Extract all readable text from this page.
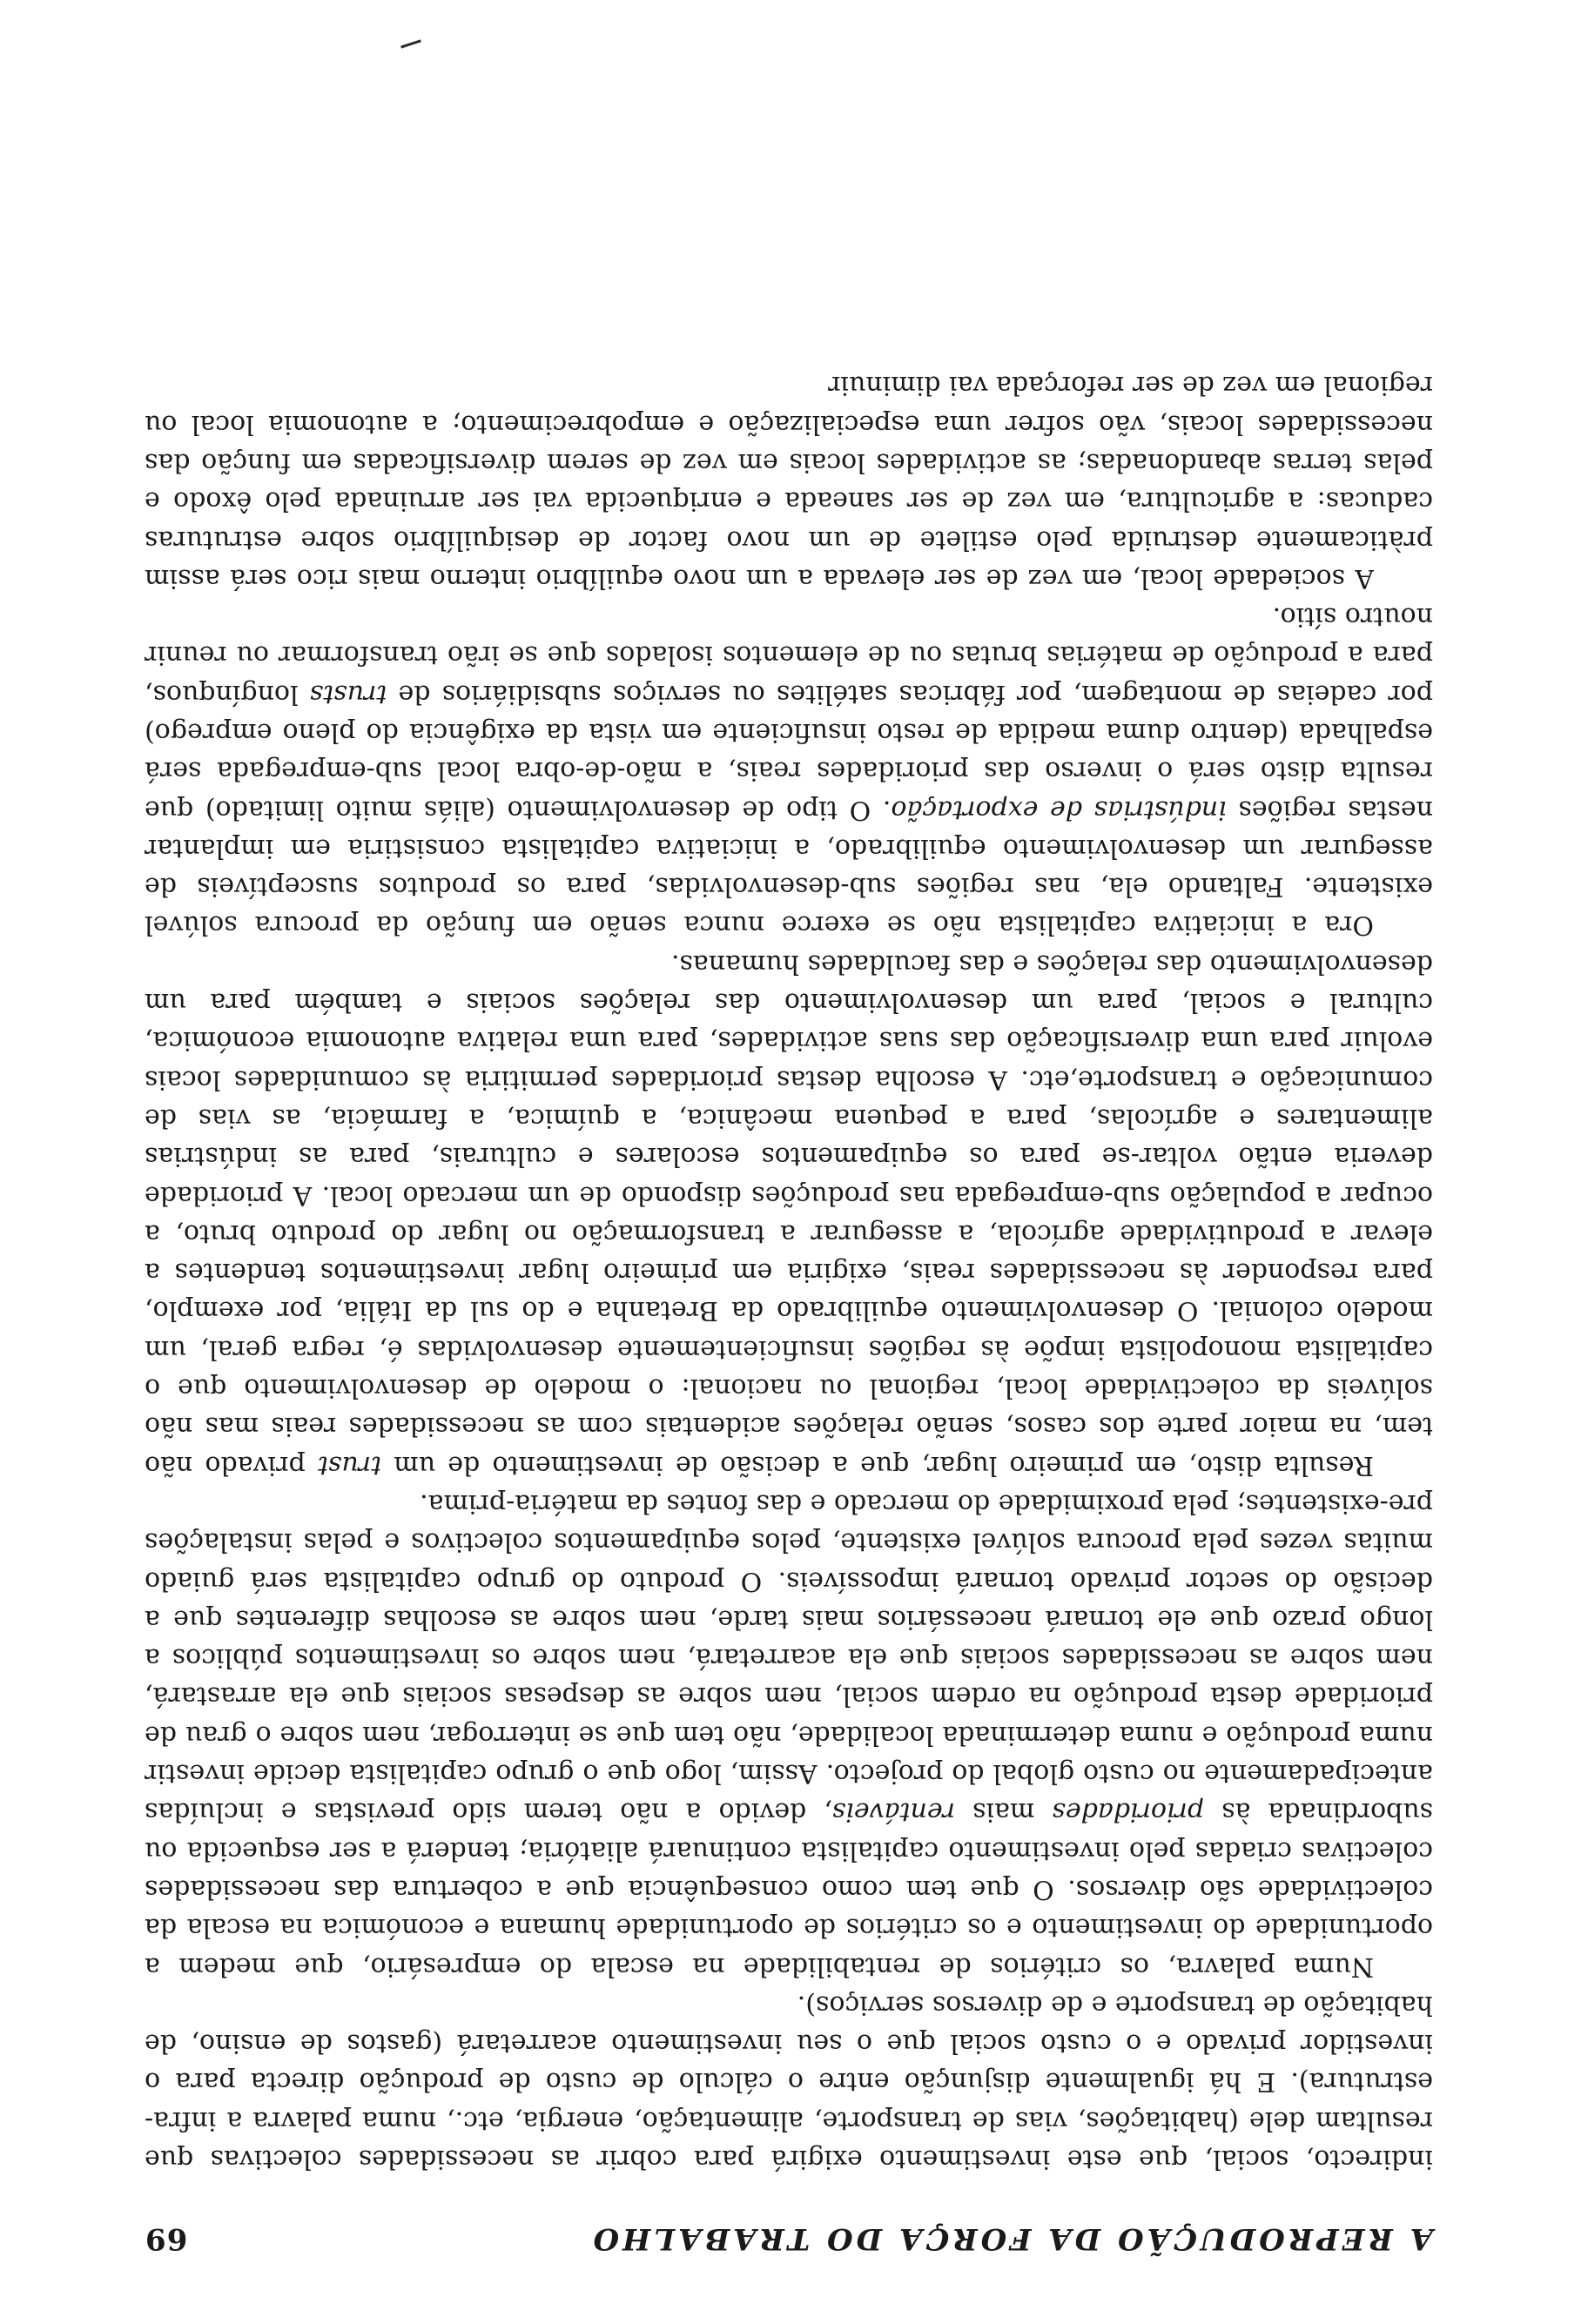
A REPRODUÇÃO DA FORÇA DO TRABALHO
69

indirecto, social, que este investimento exigirá para cobrir as necessidades colectivas que resultam dele (habitações, vias de transporte, alimentação, energia, etc., numa palavra a infra-estrutura). E há igualmente disjunção entre o cálculo de custo de produção directa para o investidor privado e o custo social que o seu investimento acarretará (gastos de ensino, de habitação de transporte e de diversos serviços).

Numa palavra, os critérios de rentabilidade na escala do empresário, que medem a oportunidade do investimento e os critérios de oportunidade humana e económica na escala da colectividade são diversos. O que tem como consequência que a cobertura das necessidades colectivas criadas pelo investimento capitalista continuará aliatória; tenderá a ser esquecida ou subordinada às prioridades mais rentáveis, devido a não terem sido previstas e incluídas antecipadamente no custo global do projecto. Assim, logo que o grupo capitalista decide investir numa produção e numa determinada localidade, não tem que se interrogar, nem sobre o grau de prioridade desta produção na ordem social, nem sobre as despesas sociais que ela arrastará, nem sobre as necessidades sociais que ela acarretará, nem sobre os investimentos públicos a longo prazo que ele tornará necessários mais tarde, nem sobre as escolhas diferentes que a decisão do sector privado tornará impossíveis. O produto do grupo capitalista será guiado muitas vezes pela procura solúvel existente, pelos equipamentos colectivos e pelas instalações pre-existentes; pela proximidade do mercado e das fontes da matéria-prima.

Resulta disto, em primeiro lugar, que a decisão de investimento de um trust privado não tem, na maior parte dos casos, senão relações acidentais com as necessidades reais mas não solúveis da colectividade local, regional ou nacional: o modelo de desenvolvimento que o capitalista monopolista impõe às regiões insuficientemente desenvolvidas é, regra geral, um modelo colonial. O desenvolvimento equilibrado da Bretanha e do sul da Itália, por exemplo, para responder às necessidades reais, exigiria em primeiro lugar investimentos tendentes a elevar a produtividade agrícola, a assegurar a transformação no lugar do produto bruto, a ocupar a população sub-empregada nas produções dispondo de um mercado local. A prioridade deveria então voltar-se para os equipamentos escolares e culturais, para as indústrias alimentares e agrícolas, para a pequena mecânica, a química, a farmácia, as vias de comunicação e transporte,etc. A escolha destas prioridades permitiria às comunidades locais evoluir para uma diversificação das suas actividades, para uma relativa autonomia económica, cultural e social, para um desenvolvimento das relações sociais e também para um desenvolvimento das relações e das faculdades humanas.

Ora a iniciativa capitalista não se exerce nunca senão em função da procura solúvel existente. Faltando ela, nas regiões sub-desenvolvidas, para os produtos susceptíveis de assegurar um desenvolvimento equilibrado, a iniciativa capitalista consistiria em implantar nestas regiões indústrias de exportação. O tipo de desenvolvimento (aliás muito limitado) que resulta disto será o inverso das prioridades reais, a mão-de-obra local sub-empregada será espalhada (dentro duma medida de resto insuficiente em vista da exigência do pleno emprego) por cadeias de montagem, por fábricas satélites ou serviços subsidiários de trusts longínquos, para a produção de matérias brutas ou de elementos isolados que se irão transformar ou reunir noutro sítio.

A sociedade local, em vez de ser elevada a um novo equilíbrio interno mais rico será assim pràticamente destruida pelo estilete de um novo factor de desiquilíbrio sobre estruturas caducas: a agricultura, em vez de ser saneada e enriquecida vai ser arruinada pelo êxodo e pelas terras abandonadas; as actividades locais em vez de serem diversificadas em função das necessidades locais, vão sofrer uma especialização e empobrecimento; a autonomia local ou regional em vez de ser reforçada vai diminuir
